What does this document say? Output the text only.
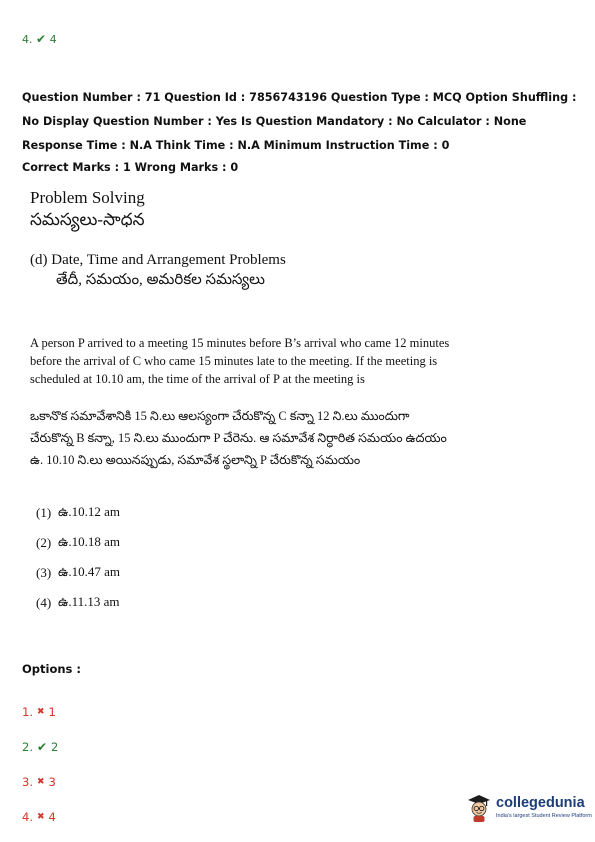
4. ✔ 4
Question Number : 71 Question Id : 7856743196 Question Type : MCQ Option Shuffling : No Display Question Number : Yes Is Question Mandatory : No Calculator : None Response Time : N.A Think Time : N.A Minimum Instruction Time : 0
Correct Marks : 1 Wrong Marks : 0
Problem Solving
సమస్యలు-సాధన
(d) Date, Time and Arrangement Problems
తేదీ, సమయం, అమరికల సమస్యలు
A person P arrived to a meeting 15 minutes before B’s arrival who came 12 minutes before the arrival of C who came 15 minutes late to the meeting. If the meeting is scheduled at 10.10 am, the time of the arrival of P at the meeting is
ఒకానొక సమావేశానికి 15 ని.లు ఆలస్యంగా చేరుకొన్న C కన్నా 12 ని.లు ముందుగా చేరుకొన్న B కన్నా, 15 ని.లు ముందుగా P చేరెను. ఆ సమావేశ నిర్ధారిత సమయం ఉదయం ఉ. 10.10 ని.లు అయినప్పుడు, సమావేశ స్థలాన్ని P చేరుకొన్న సమయం
(1) ఉ.10.12 am
(2) ఉ.10.18 am
(3) ఉ.10.47 am
(4) ఉ.11.13 am
Options :
1. ✖ 1
2. ✔ 2
3. ✖ 3
4. ✖ 4
collegedunia
India's largest Student Review Platform
